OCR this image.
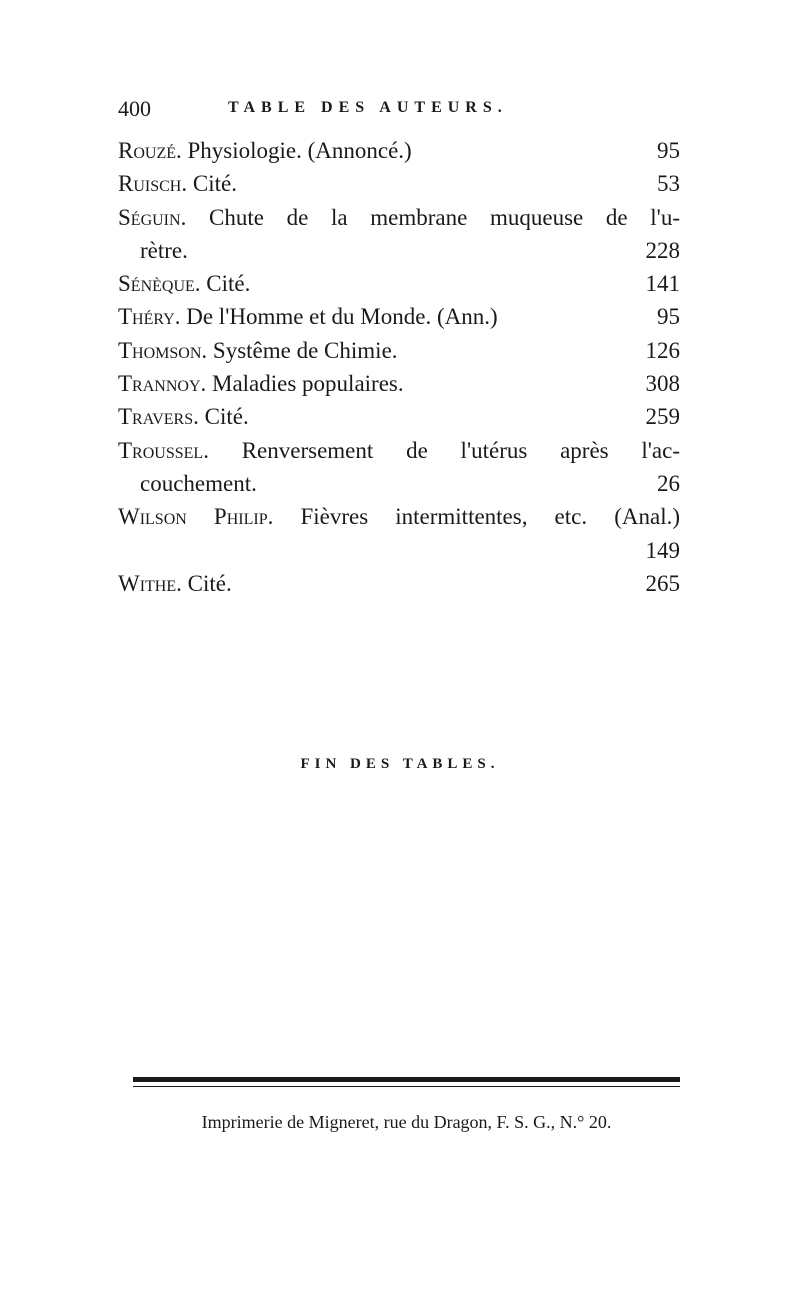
400	TABLE DES AUTEURS.
Rouzé. Physiologie. (Annoncé.)	95
Ruisch. Cité.	53
Séguin. Chute de la membrane muqueuse de l'u-
rètre.	228
Sénèque. Cité.	141
Théry. De l'Homme et du Monde. (Ann.)	95
Thomson. Systême de Chimie.	126
Trannoy. Maladies populaires.	308
Travers. Cité.	259
Troussel. Renversement de l'utérus après l'ac-
couchement.	26
Wilson Philip. Fièvres intermittentes, etc. (Anal.)
149
Withe. Cité.	265
FIN DES TABLES.
Imprimerie de Migneret, rue du Dragon, F. S. G., N.° 20.
